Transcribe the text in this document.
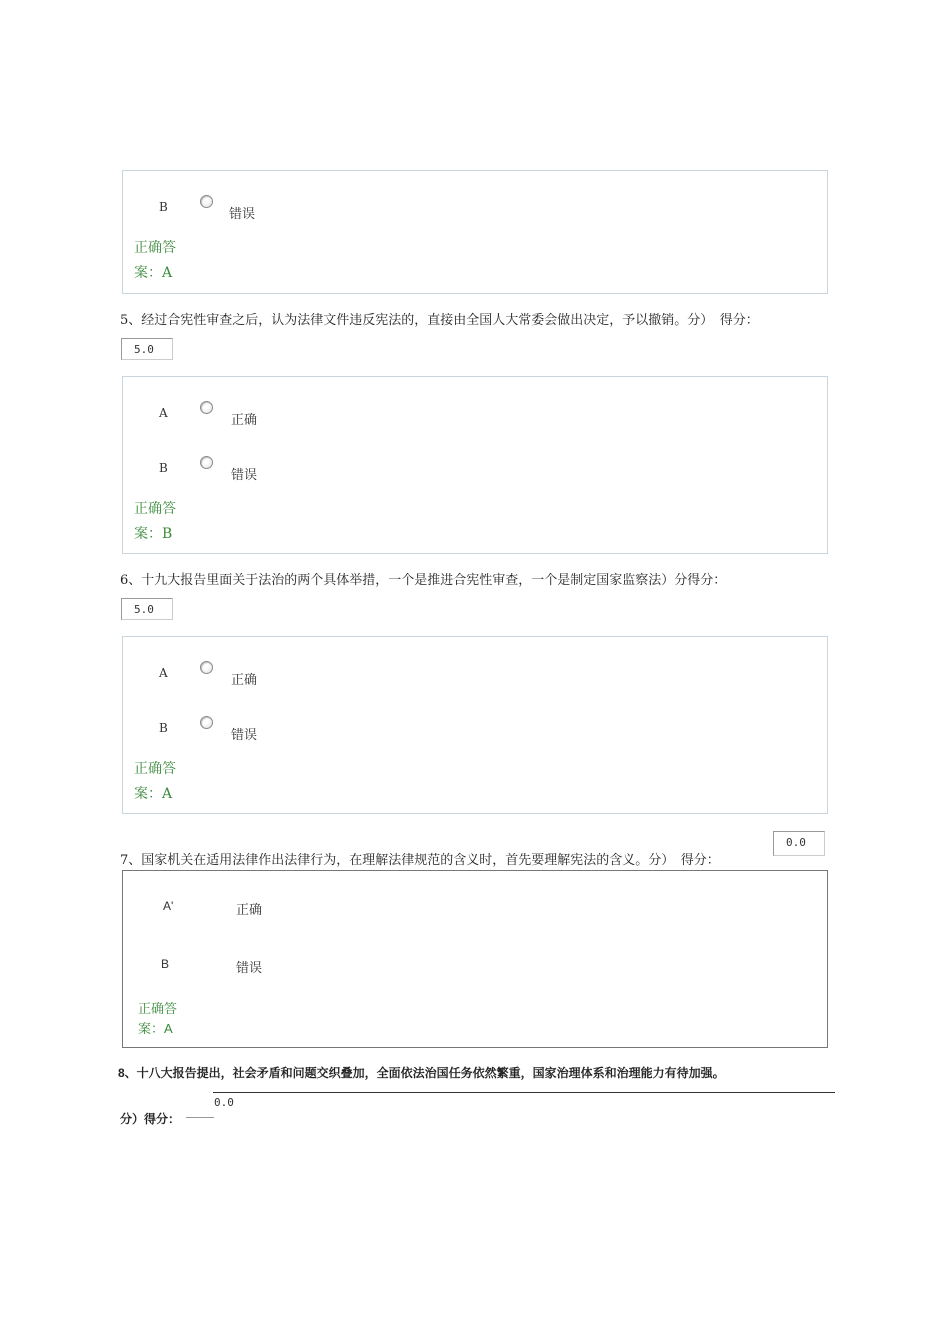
B	错误
正确答
案：A
5、经过合宪性审查之后，认为法律文件违反宪法的，直接由全国人大常委会做出决定，予以撤销。分）　得分：
5.0
A	正确
B	错误
正确答
案：B
6、十九大报告里面关于法治的两个具体举措，一个是推进合宪性审查，一个是制定国家监察法）分得分：
5.0
A	正确
B	错误
正确答
案：A
7、国家机关在适用法律作出法律行为，在理解法律规范的含义时，首先要理解宪法的含义。分）　得分：
0.0
A'	正确
B	错误
正确答
案：A
8、十八大报告提出，社会矛盾和问题交织叠加，全面依法治国任务依然繁重，国家治理体系和治理能力有待加强。
0.0
分）得分：
